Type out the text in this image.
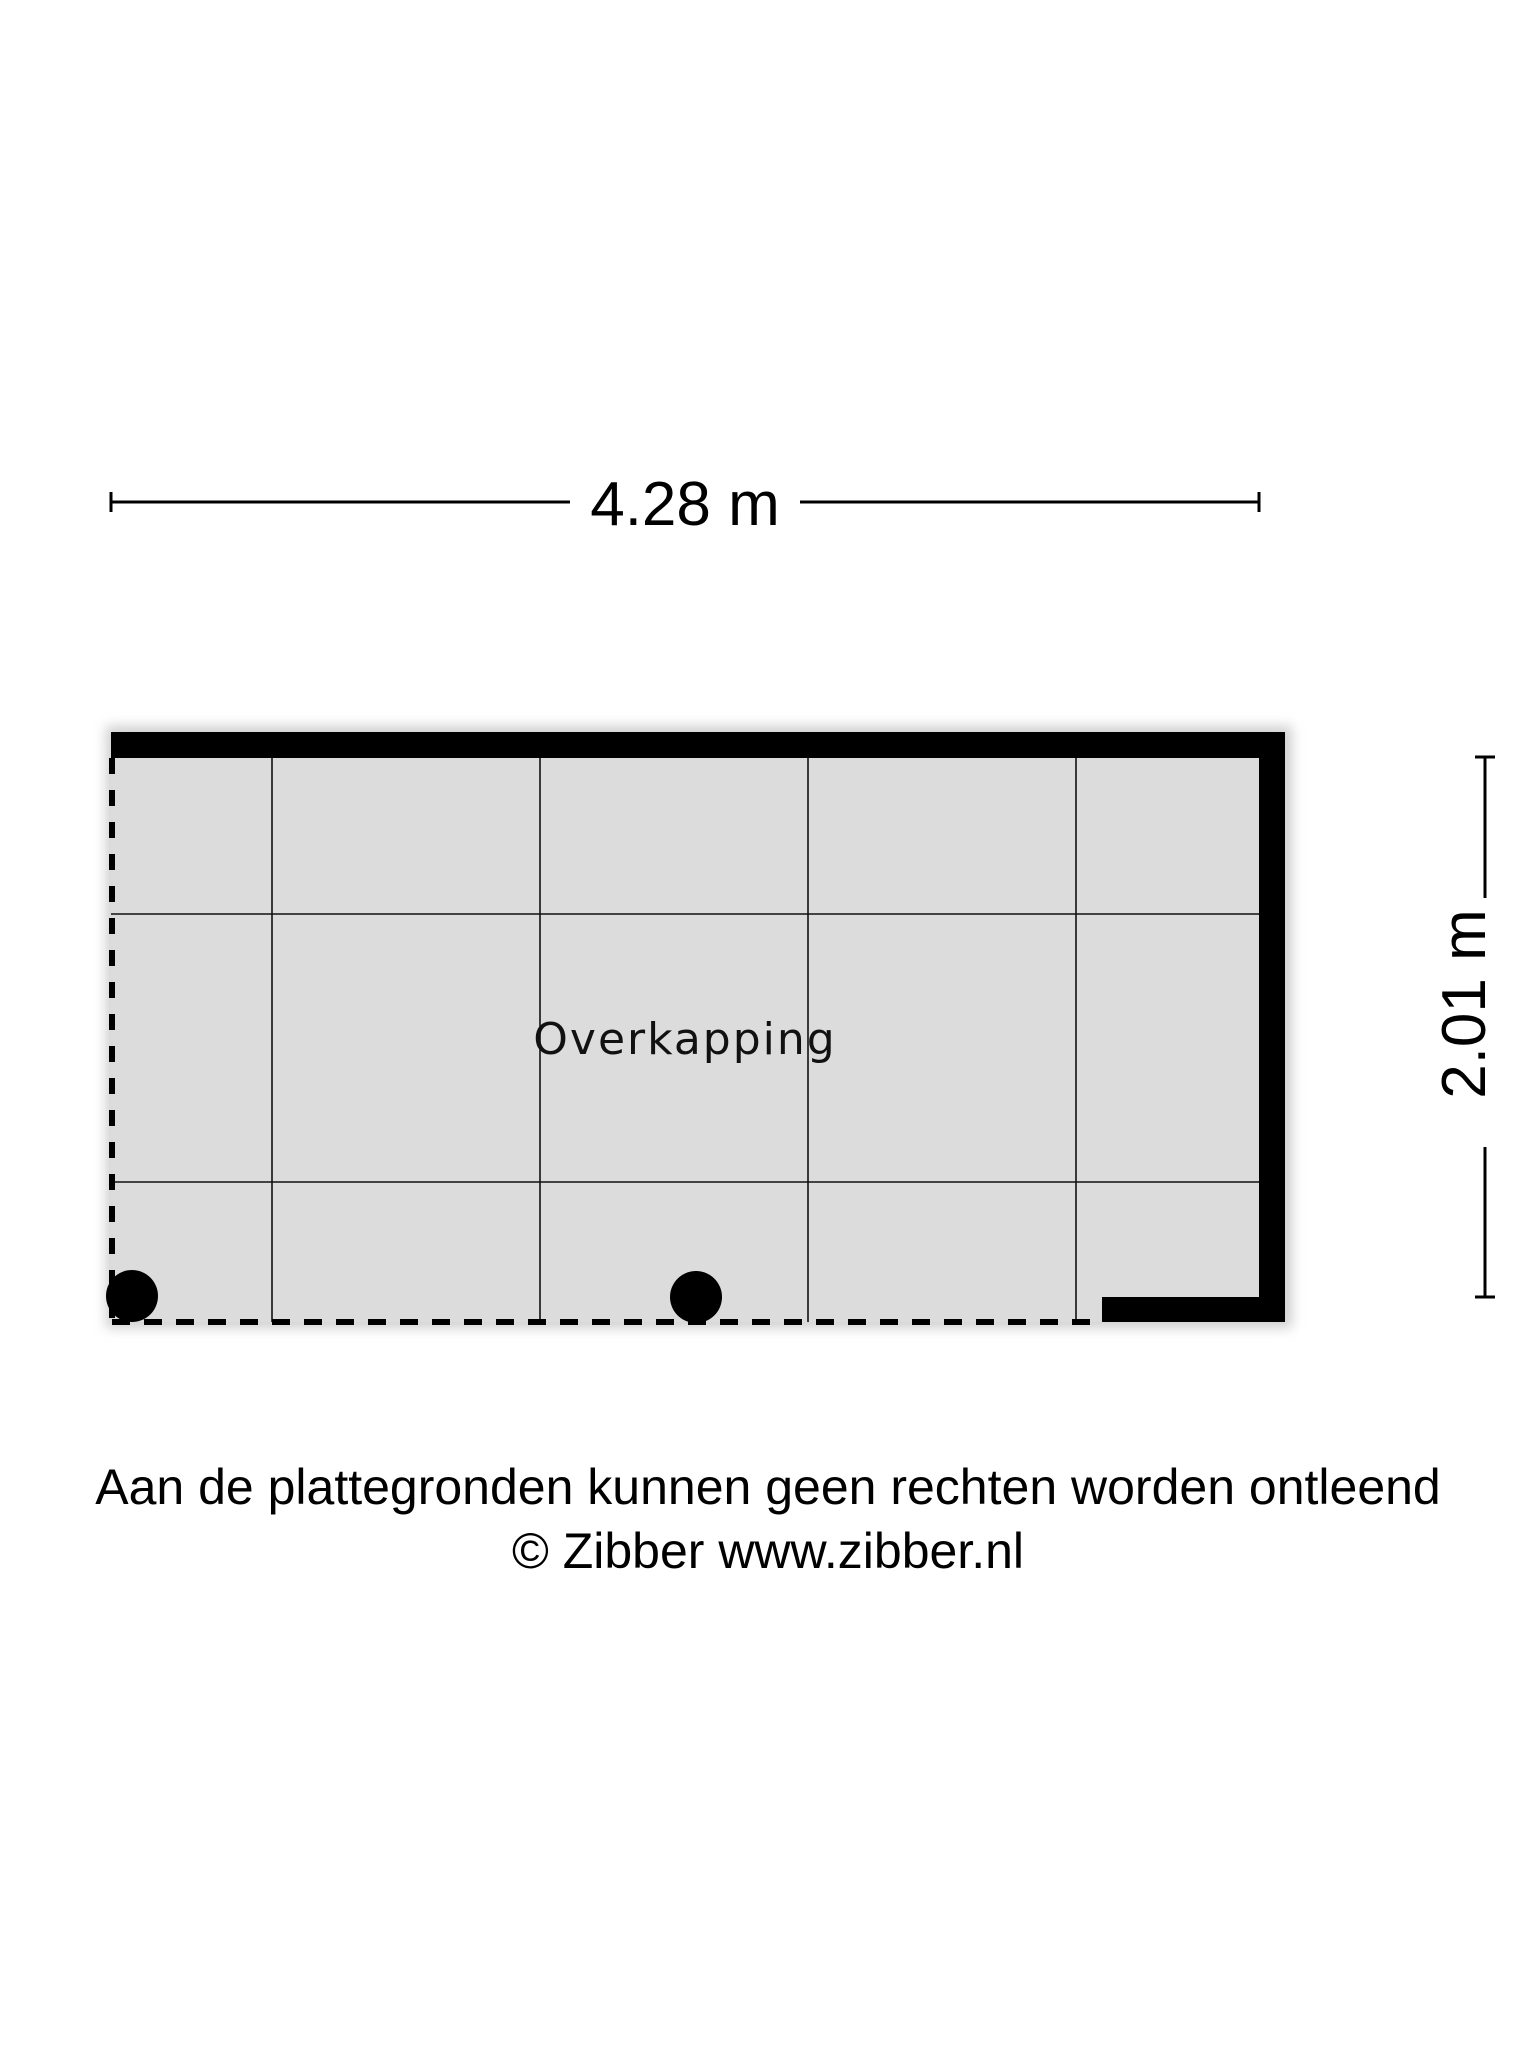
4.28 m
2.01 m
Overkapping
Aan de plattegronden kunnen geen rechten worden ontleend
© Zibber www.zibber.nl
